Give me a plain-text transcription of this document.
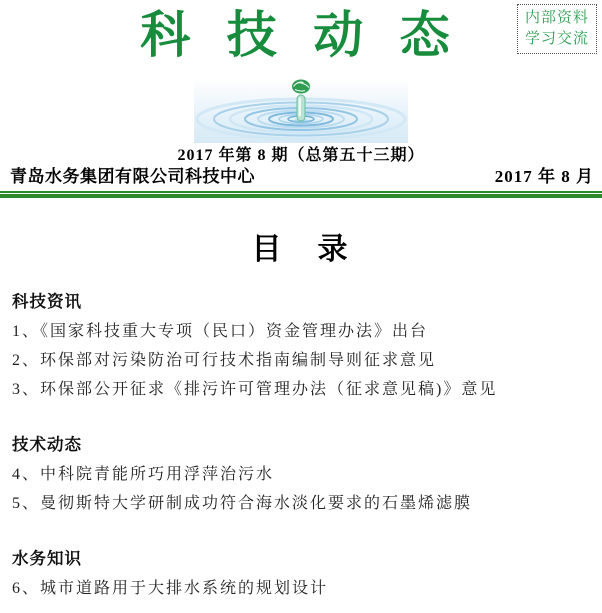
科 技 动 态	内部资料
学习交流
2017 年第 8 期（总第五十三期）
青岛水务集团有限公司科技中心	2017 年 8 月
目　录
科技资讯
1、《国家科技重大专项（民口）资金管理办法》出台
2、环保部对污染防治可行技术指南编制导则征求意见
3、环保部公开征求《排污许可管理办法（征求意见稿)》意见
技术动态
4、中科院青能所巧用浮萍治污水
5、曼彻斯特大学研制成功符合海水淡化要求的石墨烯滤膜
水务知识
6、城市道路用于大排水系统的规划设计
